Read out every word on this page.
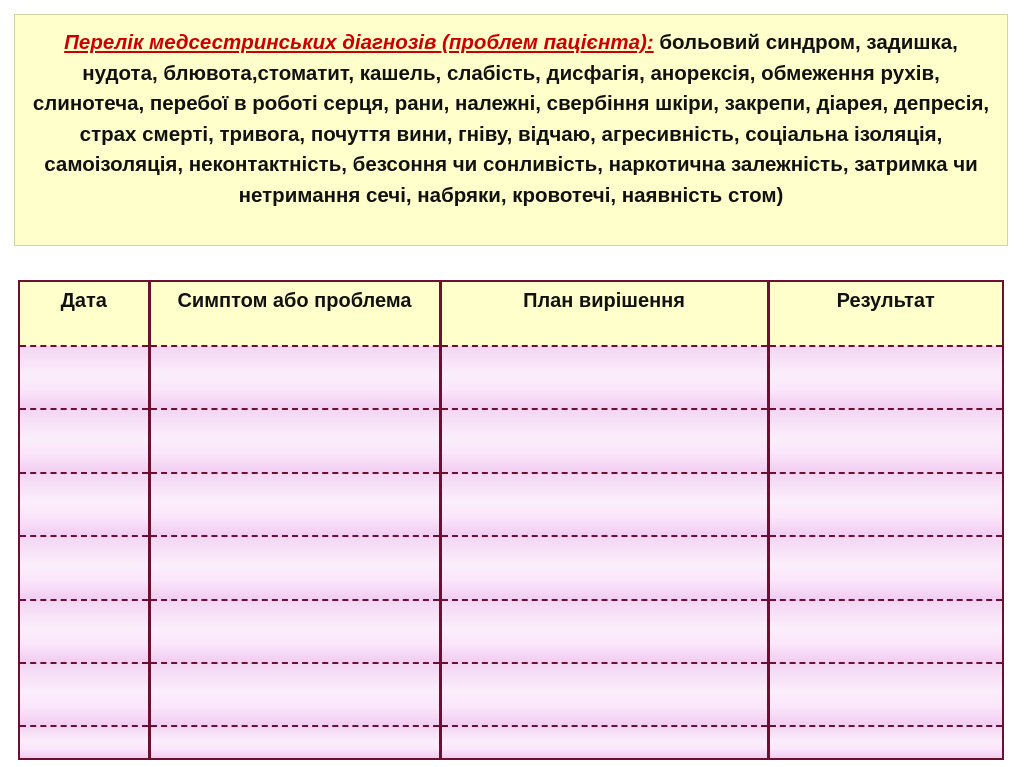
Перелік медсестринських діагнозів (проблем пацієнта): больовий синдром, задишка, нудота, блювота,стоматит, кашель, слабість, дисфагія, анорексія, обмеження рухів, слинотеча, перебої в роботі серця, рани, належні, свербіння шкіри, закрепи, діарея, депресія, страх смерті, тривога, почуття вини, гніву, відчаю, агресивність, соціальна ізоляція, самоізоляція, неконтактність, безсоння чи сонливість, наркотична залежність, затримка чи нетримання сечі, набряки, кровотечі, наявність стом)
Дата	Симптом або проблема	План вирішення	Результат
